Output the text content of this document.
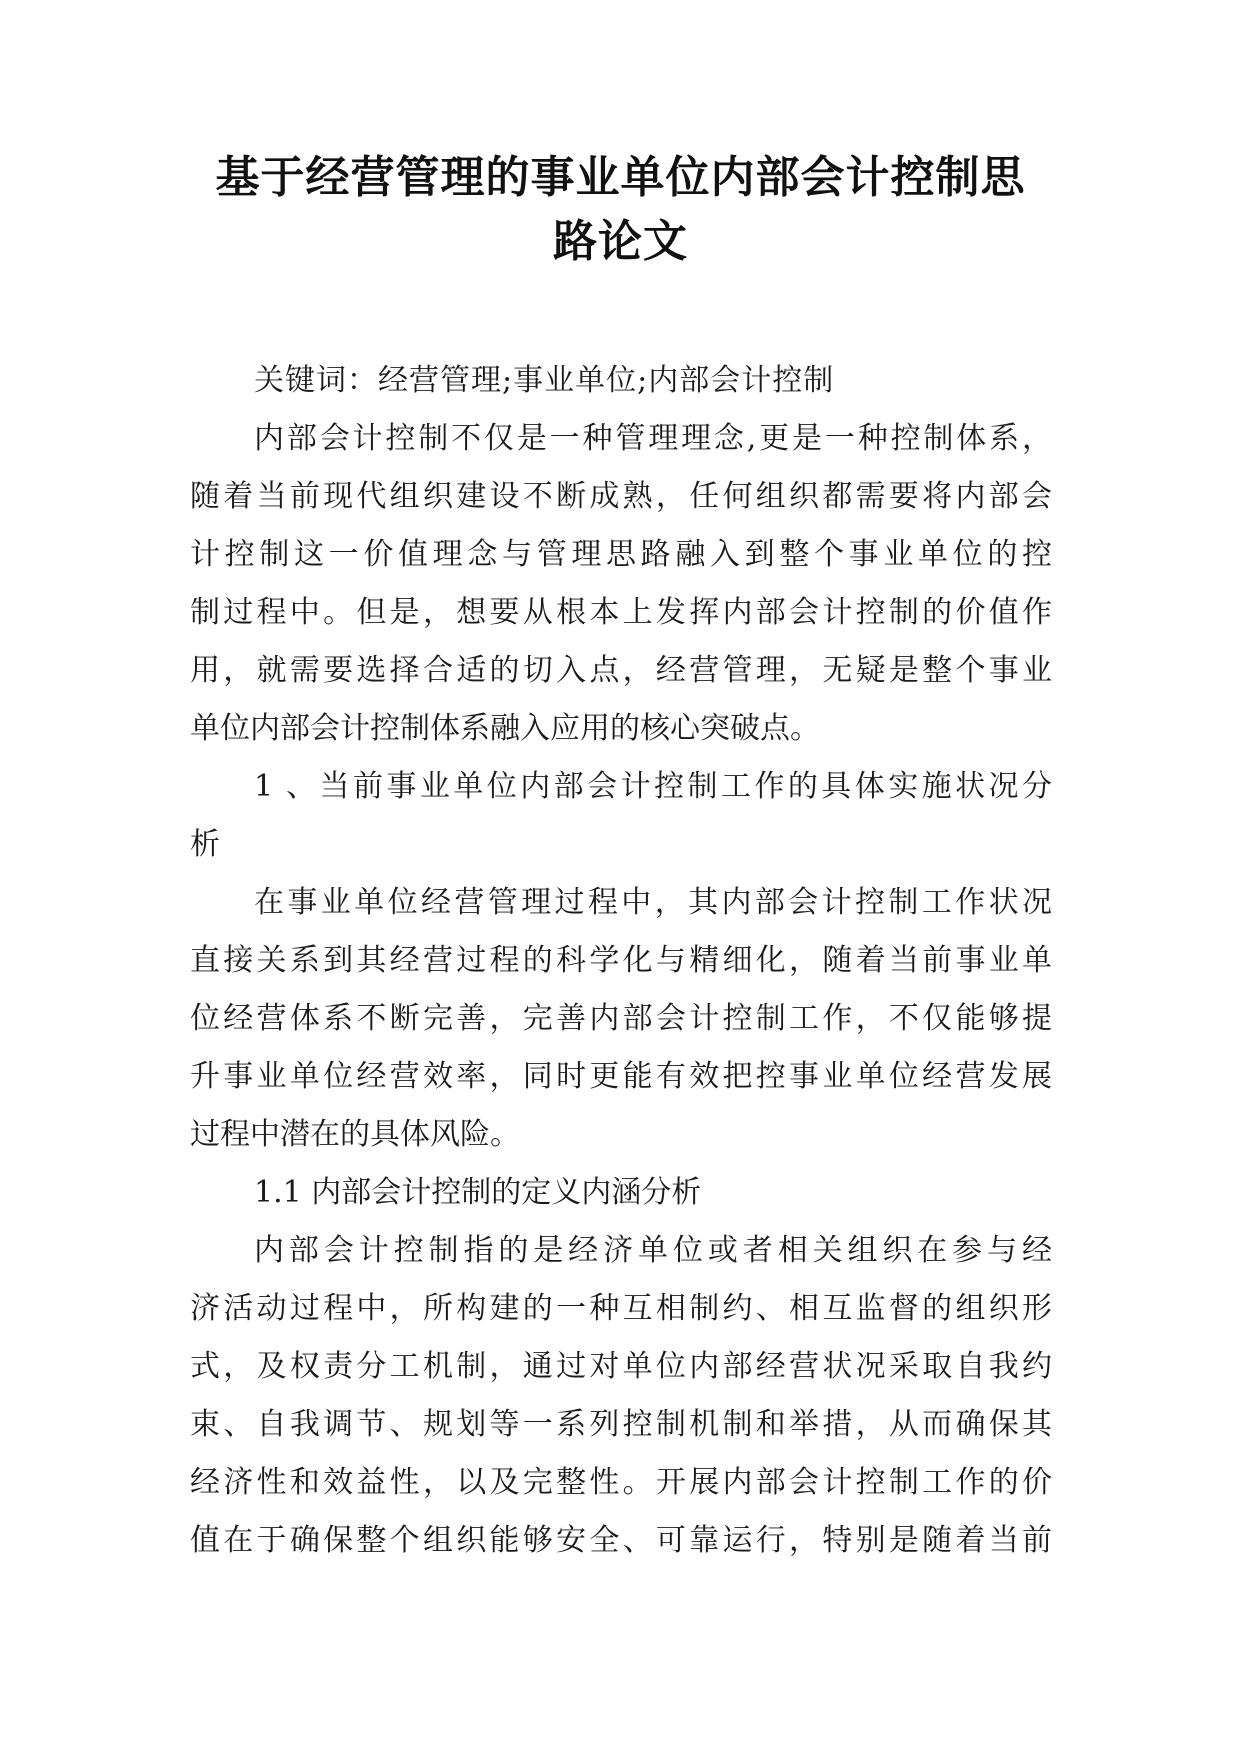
基于经营管理的事业单位内部会计控制思
路论文
关键词：经营管理;事业单位;内部会计控制
内部会计控制不仅是一种管理理念,更是一种控制体系，
随着当前现代组织建设不断成熟，任何组织都需要将内部会
计控制这一价值理念与管理思路融入到整个事业单位的控
制过程中。但是，想要从根本上发挥内部会计控制的价值作
用，就需要选择合适的切入点，经营管理，无疑是整个事业
单位内部会计控制体系融入应用的核心突破点。
1 、当前事业单位内部会计控制工作的具体实施状况分
析
在事业单位经营管理过程中，其内部会计控制工作状况
直接关系到其经营过程的科学化与精细化，随着当前事业单
位经营体系不断完善，完善内部会计控制工作，不仅能够提
升事业单位经营效率，同时更能有效把控事业单位经营发展
过程中潜在的具体风险。
1.1 内部会计控制的定义内涵分析
内部会计控制指的是经济单位或者相关组织在参与经
济活动过程中，所构建的一种互相制约、相互监督的组织形
式，及权责分工机制，通过对单位内部经营状况采取自我约
束、自我调节、规划等一系列控制机制和举措，从而确保其
经济性和效益性，以及完整性。开展内部会计控制工作的价
值在于确保整个组织能够安全、可靠运行，特别是随着当前
